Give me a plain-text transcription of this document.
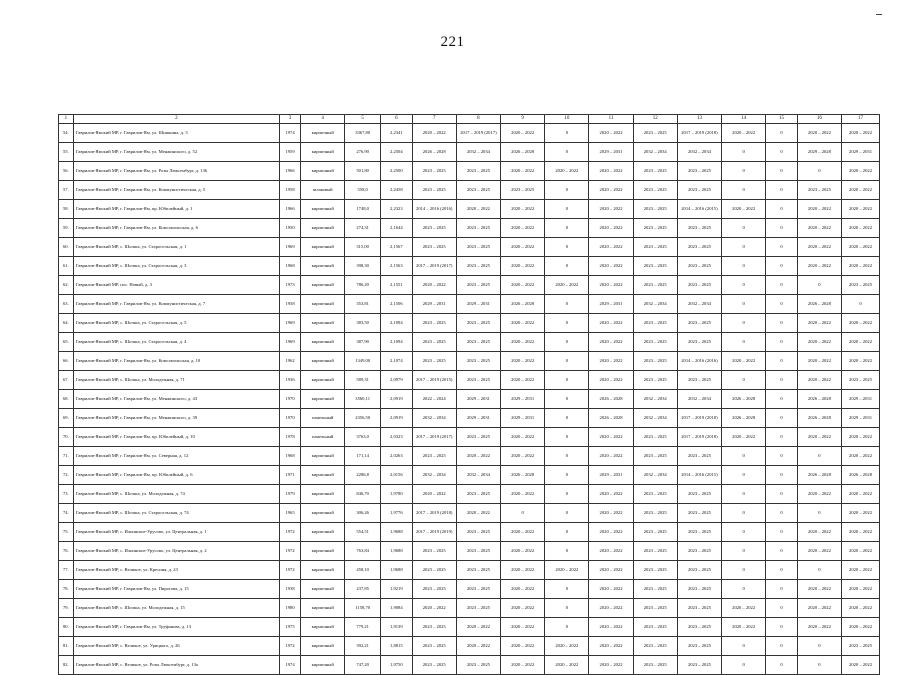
221
1	2	3	4	5	6	7	8	9	10	11	12	13	14	15	16	17
54.	Гаврилов-Ямский МР, г. Гаврилов-Ям, ул. Шишкина, д. 3	1974	кирпичный	3367,80	2,2341	2020 – 2022	2017 – 2019 (2017)	2020 – 2022	0	2020 – 2022	2023 – 2025	2017 – 2019 (2018)	2020 – 2022	0	2020 – 2022	2020 – 2022
55.	Гаврилов-Ямский МР, г. Гаврилов-Ям, ул. Менжинского, д. 52	1959	кирпичный	276,90	2,2504	2026 – 2028	2032 – 2034	2026 – 2028	0	2029 – 2031	2032 – 2034	2032 – 2034	0	0	2029 – 2028	2029 – 2031
56.	Гаврилов-Ямский МР, г. Гаврилов-Ям, ул. Розы Люксембург, д. 136	1966	кирпичный	501,80	2,2500	2023 – 2025	2023 – 2025	2020 – 2022	2020 – 2022	2020 – 2022	2023 – 2025	2023 – 2025	0	0	0	2020 – 2022
57.	Гаврилов-Ямский МР, г. Гаврилов-Ям, ул. Коммунистическая, д. 5	1958	шлаковый	558,0	2,2458	2023 – 2025	2023 – 2025	2023 – 2025	0	2020 – 2022	2023 – 2025	2023 – 2025	0	0	2023 – 2025	2020 – 2022
58.	Гаврилов-Ямский МР, г. Гаврилов-Ям, пр. Юбилейный, д. 1	1966	кирпичный	1748,0	2,2323	2014 – 2016 (2016)	2020 – 2022	2020 – 2022	0	2020 – 2022	2023 – 2025	2014 – 2016 (2015)	2020 – 2022	0	2020 – 2022	2020 – 2022
59.	Гаврилов-Ямский МР, г. Гаврилов-Ям, ул. Комсомольская, д. 6	1950	кирпичный	274,31	2,1644	2023 – 2025	2023 – 2025	2020 – 2022	0	2020 – 2022	2023 – 2025	2023 – 2025	0	0	2020 – 2022	2020 – 2022
60.	Гаврилов-Ямский МР, с. Шопша, ул. Старосельская, д. 1	1969	кирпичный	315,00	2,1567	2023 – 2025	2023 – 2025	2020 – 2022	0	2020 – 2022	2023 – 2025	2023 – 2025	0	0	2020 – 2022	2020 – 2022
61.	Гаврилов-Ямский МР, с. Шопша, ул. Старосельская, д. 3	1968	кирпичный	398,30	2,1563	2017 – 2019 (2017)	2023 – 2025	2020 – 2022	0	2020 – 2022	2023 – 2025	2023 – 2025	0	0	2020 – 2022	2020 – 2022
62.	Гаврилов-Ямский МР, пос. Новый, д. 3	1973	кирпичный	786,20	2,1551	2020 – 2022	2023 – 2025	2020 – 2022	2020 – 2022	2020 – 2022	2023 – 2025	2023 – 2025	0	0	0	2023 – 2025
63.	Гаврилов-Ямский МР, г. Гаврилов-Ям, ул. Коммунистическая, д. 7	1958	кирпичный	353,81	2,1506	2029 – 2031	2029 – 2031	2026 – 2028	0	2029 – 2031	2032 – 2034	2032 – 2034	0	0	2026 – 2028	0
64.	Гаврилов-Ямский МР, с. Шопша, ул. Старосельская, д. 5	1969	кирпичный	383,50	2,1094	2023 – 2025	2023 – 2025	2020 – 2022	0	2020 – 2022	2023 – 2025	2023 – 2025	0	0	2020 – 2022	2020 – 2022
65.	Гаврилов-Ямский МР, с. Шопша, ул. Старосельская, д. 4	1969	кирпичный	387,90	2,1094	2023 – 2025	2023 – 2025	2020 – 2022	0	2020 – 2022	2023 – 2025	2023 – 2025	0	0	2020 – 2022	2020 – 2022
66.	Гаврилов-Ямский МР, г. Гаврилов-Ям, ул. Комсомольская, д. 10	1962	кирпичный	1349,00	2,1074	2023 – 2025	2023 – 2025	2020 – 2022	0	2020 – 2022	2023 – 2025	2014 – 2016 (2016)	2020 – 2022	0	2020 – 2022	2020 – 2022
67.	Гаврилов-Ямский МР, с. Шопша, ул. Молодежная, д. 71	1936	кирпичный	589,31	2,0979	2017 – 2019 (2015)	2023 – 2025	2020 – 2022	0	2020 – 2022	2023 – 2025	2023 – 2025	0	0	2020 – 2022	2023 – 2025
68.	Гаврилов-Ямский МР, г. Гаврилов-Ям, ул. Менжинского, д. 43	1970	кирпичный	3560,11	2,0919	2022 – 2024	2029 – 2031	2029 – 2031	0	2026 – 2028	2032 – 2034	2032 – 2034	2026 – 2028	0	2026 – 2028	2029 – 2031
69.	Гаврилов-Ямский МР, г. Гаврилов-Ям, ул. Менжинского, д. 39	1970	панельный	2356,50	2,0919	2032 – 2034	2029 – 2031	2029 – 2031	0	2026 – 2028	2032 – 2034	2017 – 2019 (2018)	2026 – 2028	0	2026 – 2028	2029 – 2031
70.	Гаврилов-Ямский МР, г. Гаврилов-Ям, пр. Юбилейный, д. 10	1978	панельный	3763,0	2,0323	2017 – 2019 (2017)	2023 – 2025	2020 – 2022	0	2020 – 2022	2023 – 2025	2017 – 2019 (2018)	2020 – 2022	0	2020 – 2022	2020 – 2022
71.	Гаврилов-Ямский МР, г. Гаврилов-Ям, ул. Северная, д. 12	1968	кирпичный	171,14	2,0263	2023 – 2025	2020 – 2022	2020 – 2022	0	2020 – 2022	2023 – 2025	2023 – 2025	0	0	0	2020 – 2022
72.	Гаврилов-Ямский МР, г. Гаврилов-Ям, пр. Юбилейный, д. 6	1971	кирпичный	2286,8	2,0156	2032 – 2034	2032 – 2034	2026 – 2028	0	2029 – 2031	2032 – 2034	2014 – 2016 (2015)	0	0	2026 – 2028	2026 – 2028
73.	Гаврилов-Ямский МР, с. Шопша, ул. Молодежная, д. 74	1979	кирпичный	846,70	1,9780	2020 – 2022	2023 – 2025	2020 – 2022	0	2020 – 2022	2023 – 2025	2023 – 2025	0	0	2020 – 2022	2020 – 2022
74.	Гаврилов-Ямский МР, с. Шопша, ул. Старосельская, д. 74	1965	кирпичный	306,26	1,9776	2017 – 2019 (2018)	2020 – 2022	0	0	2020 – 2022	2023 – 2025	2023 – 2025	0	0	0	2020 – 2022
75.	Гаврилов-Ямский МР, с. Ильинское-Урусово, ул. Центральная, д. 1	1972	кирпичный	554,51	1,9688	2017 – 2019 (2019)	2023 – 2025	2020 – 2022	0	2020 – 2022	2023 – 2025	2023 – 2025	0	0	2020 – 2022	2020 – 2022
76.	Гаврилов-Ямский МР, с. Ильинское-Урусово, ул. Центральная, д. 2	1972	кирпичный	763,84	1,9688	2023 – 2025	2023 – 2025	2020 – 2022	0	2020 – 2022	2023 – 2025	2023 – 2025	0	0	2020 – 2022	2020 – 2022
77.	Гаврилов-Ямский МР, с. Великое, ул. Кресиня, д. 23	1972	кирпичный	458,10	1,9688	2023 – 2025	2023 – 2025	2020 – 2022	2020 – 2022	2020 – 2022	2023 – 2025	2023 – 2025	0	0	0	2020 – 2022
78.	Гаврилов-Ямский МР, г. Гаврилов-Ям, ул. Пирогова, д. 15	1938	кирпичный	237,85	1,9219	2023 – 2025	2023 – 2025	2020 – 2022	0	2020 – 2022	2023 – 2025	2023 – 2025	0	0	2020 – 2022	2020 – 2022
79.	Гаврилов-Ямский МР, с. Шопша, ул. Молодежная, д. 15	1980	кирпичный	1158,70	1,9084	2020 – 2022	2023 – 2025	2020 – 2022	0	2020 – 2022	2023 – 2025	2023 – 2025	2020 – 2022	0	2020 – 2022	2020 – 2022
80.	Гаврилов-Ямский МР, г. Гаврилов-Ям, ул. Труфанова, д. 13	1975	кирпичный	779,21	1,9139	2023 – 2025	2020 – 2022	2020 – 2022	0	2020 – 2022	2023 – 2025	2023 – 2025	2020 – 2022	0	2020 – 2022	2020 – 2022
81.	Гаврилов-Ямский МР, с. Великое, ул. Урицкого, д. 26	1972	кирпичный	392,21	1,8815	2023 – 2025	2020 – 2022	2020 – 2022	2020 – 2022	2020 – 2022	2023 – 2025	2023 – 2025	0	0	0	2023 – 2025
82.	Гаврилов-Ямский МР, с. Великое, ул. Розы Люксембург, д. 13а	1974	кирпичный	747,20	1,9750	2023 – 2025	2023 – 2025	2020 – 2022	2020 – 2022	2020 – 2022	2023 – 2025	2023 – 2025	0	0	0	2020 – 2022
